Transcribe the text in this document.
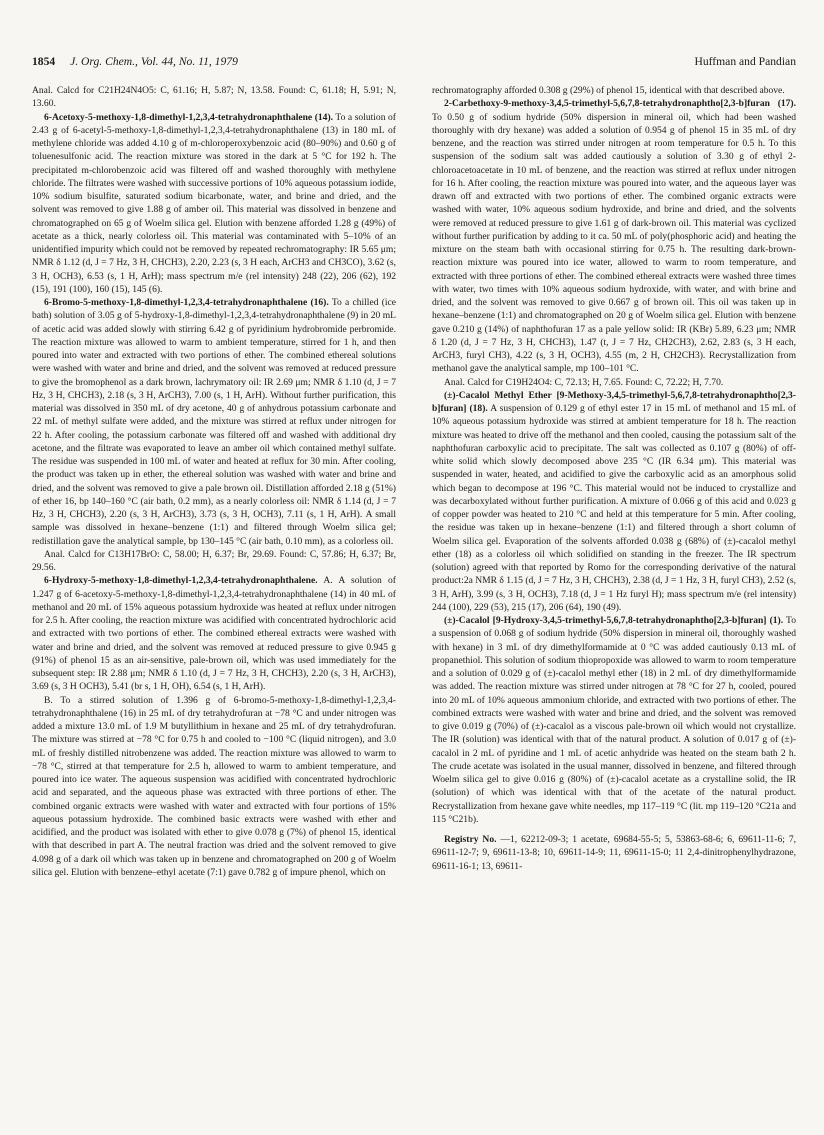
1854 J. Org. Chem., Vol. 44, No. 11, 1979	Huffman and Pandian

Anal. Calcd for C21H24N4O5: C, 61.16; H, 5.87; N, 13.58. Found: C, 61.18; H, 5.91; N, 13.60.

6-Acetoxy-5-methoxy-1,8-dimethyl-1,2,3,4-tetrahydronaphthalene (14). To a solution of 2.43 g of 6-acetyl-5-methoxy-1,8-dimethyl-1,2,3,4-tetrahydronaphthalene (13) in 180 mL of methylene chloride was added 4.10 g of m-chloroperoxybenzoic acid (80–90%) and 0.60 g of toluenesulfonic acid. The reaction mixture was stored in the dark at 5 °C for 192 h. The precipitated m-chlorobenzoic acid was filtered off and washed thoroughly with methylene chloride. The filtrates were washed with successive portions of 10% aqueous potassium iodide, 10% sodium bisulfite, saturated sodium bicarbonate, water, and brine and dried, and the solvent was removed to give 1.88 g of amber oil. This material was dissolved in benzene and chromatographed on 65 g of Woelm silica gel. Elution with benzene afforded 1.28 g (49%) of acetate as a thick, nearly colorless oil. This material was contaminated with 5–10% of an unidentified impurity which could not be removed by repeated rechromatography: IR 5.65 μm; NMR δ 1.12 (d, J = 7 Hz, 3 H, CHCH3), 2.20, 2.23 (s, 3 H each, ArCH3 and CH3CO), 3.62 (s, 3 H, OCH3), 6.53 (s, 1 H, ArH); mass spectrum m/e (rel intensity) 248 (22), 206 (62), 192 (15), 191 (100), 160 (15), 145 (6).

6-Bromo-5-methoxy-1,8-dimethyl-1,2,3,4-tetrahydronaphthalene (16). To a chilled (ice bath) solution of 3.05 g of 5-hydroxy-1,8-dimethyl-1,2,3,4-tetrahydronaphthalene (9) in 20 mL of acetic acid was added slowly with stirring 6.42 g of pyridinium hydrobromide perbromide. The reaction mixture was allowed to warm to ambient temperature, stirred for 1 h, and then poured into water and extracted with two portions of ether. The combined ethereal solutions were washed with water and brine and dried, and the solvent was removed at reduced pressure to give the bromophenol as a dark brown, lachrymatory oil: IR 2.69 μm; NMR δ 1.10 (d, J = 7 Hz, 3 H, CHCH3), 2.18 (s, 3 H, ArCH3), 7.00 (s, 1 H, ArH). Without further purification, this material was dissolved in 350 mL of dry acetone, 40 g of anhydrous potassium carbonate and 22 mL of methyl sulfate were added, and the mixture was stirred at reflux under nitrogen for 22 h. After cooling, the potassium carbonate was filtered off and washed with additional dry acetone, and the filtrate was evaporated to leave an amber oil which contained methyl sulfate. The residue was suspended in 100 mL of water and heated at reflux for 30 min. After cooling, the product was taken up in ether, the ethereal solution was washed with water and brine and dried, and the solvent was removed to give a pale brown oil. Distillation afforded 2.18 g (51%) of ether 16, bp 140–160 °C (air bath, 0.2 mm), as a nearly colorless oil: NMR δ 1.14 (d, J = 7 Hz, 3 H, CHCH3), 2.20 (s, 3 H, ArCH3), 3.73 (s, 3 H, OCH3), 7.11 (s, 1 H, ArH). A small sample was dissolved in hexane–benzene (1:1) and filtered through Woelm silica gel; redistillation gave the analytical sample, bp 130–145 °C (air bath, 0.10 mm), as a colorless oil.

Anal. Calcd for C13H17BrO: C, 58.00; H, 6.37; Br, 29.69. Found: C, 57.86; H, 6.37; Br, 29.56.

6-Hydroxy-5-methoxy-1,8-dimethyl-1,2,3,4-tetrahydronaphthalene. A. A solution of 1.247 g of 6-acetoxy-5-methoxy-1,8-dimethyl-1,2,3,4-tetrahydronaphthalene (14) in 40 mL of methanol and 20 mL of 15% aqueous potassium hydroxide was heated at reflux under nitrogen for 2.5 h. After cooling, the reaction mixture was acidified with concentrated hydrochloric acid and extracted with two portions of ether. The combined ethereal extracts were washed with water and brine and dried, and the solvent was removed at reduced pressure to give 0.945 g (91%) of phenol 15 as an air-sensitive, pale-brown oil, which was used immediately for the subsequent step: IR 2.88 μm; NMR δ 1.10 (d, J = 7 Hz, 3 H, CHCH3), 2.20 (s, 3 H, ArCH3), 3.69 (s, 3 H OCH3), 5.41 (br s, 1 H, OH), 6.54 (s, 1 H, ArH).

B. To a stirred solution of 1.396 g of 6-bromo-5-methoxy-1,8-dimethyl-1,2,3,4-tetrahydronaphthalene (16) in 25 mL of dry tetrahydrofuran at −78 °C and under nitrogen was added a mixture 13.0 mL of 1.9 M butyllithium in hexane and 25 mL of dry tetrahydrofuran. The mixture was stirred at −78 °C for 0.75 h and cooled to −100 °C (liquid nitrogen), and 3.0 mL of freshly distilled nitrobenzene was added. The reaction mixture was allowed to warm to −78 °C, stirred at that temperature for 2.5 h, allowed to warm to ambient temperature, and poured into ice water. The aqueous suspension was acidified with concentrated hydrochloric acid and separated, and the aqueous phase was extracted with three portions of ether. The combined organic extracts were washed with water and extracted with four portions of 15% aqueous potassium hydroxide. The combined basic extracts were washed with ether and acidified, and the product was isolated with ether to give 0.078 g (7%) of phenol 15, identical with that described in part A. The neutral fraction was dried and the solvent removed to give 4.098 g of a dark oil which was taken up in benzene and chromatographed on 200 g of Woelm silica gel. Elution with benzene–ethyl acetate (7:1) gave 0.782 g of impure phenol, which on

rechromatography afforded 0.308 g (29%) of phenol 15, identical with that described above.

2-Carbethoxy-9-methoxy-3,4,5-trimethyl-5,6,7,8-tetrahydronaphtho[2,3-b]furan (17). To 0.50 g of sodium hydride (50% dispersion in mineral oil, which had been washed thoroughly with dry hexane) was added a solution of 0.954 g of phenol 15 in 35 mL of dry benzene, and the reaction was stirred under nitrogen at room temperature for 0.5 h. To this suspension of the sodium salt was added cautiously a solution of 3.30 g of ethyl 2-chloroacetoacetate in 10 mL of benzene, and the reaction was stirred at reflux under nitrogen for 16 h. After cooling, the reaction mixture was poured into water, and the aqueous layer was drawn off and extracted with two portions of ether. The combined organic extracts were washed with water, 10% aqueous sodium hydroxide, and brine and dried, and the solvents were removed at reduced pressure to give 1.61 g of dark-brown oil. This material was cyclized without further purification by adding to it ca. 50 mL of poly(phosphoric acid) and heating the mixture on the steam bath with occasional stirring for 0.75 h. The resulting dark-brown-reaction mixture was poured into ice water, allowed to warm to room temperature, and extracted with three portions of ether. The combined ethereal extracts were washed three times with water, two times with 10% aqueous sodium hydroxide, with water, and with brine and dried, and the solvent was removed to give 0.667 g of brown oil. This oil was taken up in hexane–benzene (1:1) and chromatographed on 20 g of Woelm silica gel. Elution with benzene gave 0.210 g (14%) of naphthofuran 17 as a pale yellow solid: IR (KBr) 5.89, 6.23 μm; NMR δ 1.20 (d, J = 7 Hz, 3 H, CHCH3), 1.47 (t, J = 7 Hz, CH2CH3), 2.62, 2.83 (s, 3 H each, ArCH3, furyl CH3), 4.22 (s, 3 H, OCH3), 4.55 (m, 2 H, CH2CH3). Recrystallization from methanol gave the analytical sample, mp 100–101 °C.

Anal. Calcd for C19H24O4: C, 72.13; H, 7.65. Found: C, 72.22; H, 7.70.

(±)-Cacalol Methyl Ether [9-Methoxy-3,4,5-trimethyl-5,6,7,8-tetrahydronaphtho[2,3-b]furan] (18). A suspension of 0.129 g of ethyl ester 17 in 15 mL of methanol and 15 mL of 10% aqueous potassium hydroxide was stirred at ambient temperature for 18 h. The reaction mixture was heated to drive off the methanol and then cooled, causing the potassium salt of the naphthofuran carboxylic acid to precipitate. The salt was collected as 0.107 g (80%) of off-white solid which slowly decomposed above 235 °C (IR 6.34 μm). This material was suspended in water, heated, and acidified to give the carboxylic acid as an amorphous solid which began to decompose at 196 °C. This material would not be induced to crystallize and was decarboxylated without further purification. A mixture of 0.066 g of this acid and 0.023 g of copper powder was heated to 210 °C and held at this temperature for 5 min. After cooling, the residue was taken up in hexane–benzene (1:1) and filtered through a short column of Woelm silica gel. Evaporation of the solvents afforded 0.038 g (68%) of (±)-cacalol methyl ether (18) as a colorless oil which solidified on standing in the freezer. The IR spectrum (solution) agreed with that reported by Romo for the corresponding derivative of the natural product:2a NMR δ 1.15 (d, J = 7 Hz, 3 H, CHCH3), 2.38 (d, J = 1 Hz, 3 H, furyl CH3), 2.52 (s, 3 H, ArH), 3.99 (s, 3 H, OCH3), 7.18 (d, J = 1 Hz furyl H); mass spectrum m/e (rel intensity) 244 (100), 229 (53), 215 (17), 206 (64), 190 (49).

(±)-Cacalol [9-Hydroxy-3,4,5-trimethyl-5,6,7,8-tetrahydronaphtho[2,3-b]furan] (1). To a suspension of 0.068 g of sodium hydride (50% dispersion in mineral oil, thoroughly washed with hexane) in 3 mL of dry dimethylformamide at 0 °C was added cautiously 0.13 mL of propanethiol. This solution of sodium thiopropoxide was allowed to warm to room temperature and a solution of 0.029 g of (±)-cacalol methyl ether (18) in 2 mL of dry dimethylformamide was added. The reaction mixture was stirred under nitrogen at 78 °C for 27 h, cooled, poured into 20 mL of 10% aqueous ammonium chloride, and extracted with two portions of ether. The combined extracts were washed with water and brine and dried, and the solvent was removed to give 0.019 g (70%) of (±)-cacalol as a viscous pale-brown oil which would not crystallize. The IR (solution) was identical with that of the natural product. A solution of 0.017 g of (±)-cacalol in 2 mL of pyridine and 1 mL of acetic anhydride was heated on the steam bath 2 h. The crude acetate was isolated in the usual manner, dissolved in benzene, and filtered through Woelm silica gel to give 0.016 g (80%) of (±)-cacalol acetate as a crystalline solid, the IR (solution) of which was identical with that of the acetate of the natural product. Recrystallization from hexane gave white needles, mp 117–119 °C (lit. mp 119–120 °C21a and 115 °C21b).

Registry No. —1, 62212-09-3; 1 acetate, 69684-55-5; 5, 53863-68-6; 6, 69611-11-6; 7, 69611-12-7; 9, 69611-13-8; 10, 69611-14-9; 11, 69611-15-0; 11 2,4-dinitrophenylhydrazone, 69611-16-1; 13, 69611-
